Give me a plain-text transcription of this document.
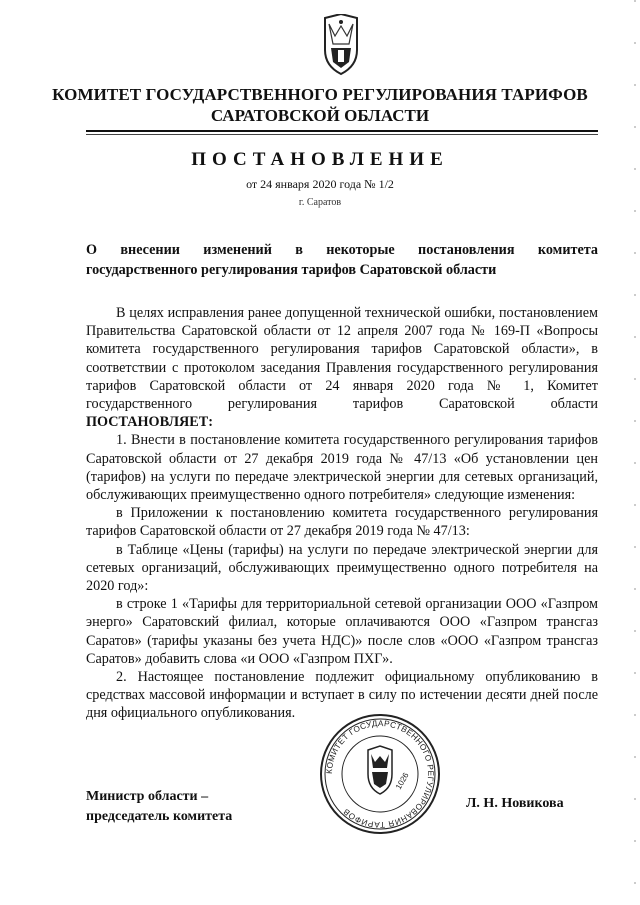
КОМИТЕТ ГОСУДАРСТВЕННОГО РЕГУЛИРОВАНИЯ ТАРИФОВ
САРАТОВСКОЙ ОБЛАСТИ
ПОСТАНОВЛЕНИЕ
от 24 января 2020 года № 1/2
г. Саратов
О внесении изменений в некоторые постановления комитета
государственного регулирования тарифов Саратовской области

В целях исправления ранее допущенной технической ошибки, постановлением Правительства Саратовской области от 12 апреля 2007 года № 169-П «Вопросы комитета государственного регулирования тарифов Саратовской области», в соответствии с протоколом заседания Правления государственного регулирования тарифов Саратовской области от 24 января 2020 года № 1, Комитет государственного регулирования тарифов Саратовской области ПОСТАНОВЛЯЕТ:

1. Внести в постановление комитета государственного регулирования тарифов Саратовской области от 27 декабря 2019 года № 47/13 «Об установлении цен (тарифов) на услуги по передаче электрической энергии для сетевых организаций, обслуживающих преимущественно одного потребителя» следующие изменения:

в Приложении к постановлению комитета государственного регулирования тарифов Саратовской области от 27 декабря 2019 года № 47/13:

в Таблице «Цены (тарифы) на услуги по передаче электрической энергии для сетевых организаций, обслуживающих преимущественно одного потребителя на 2020 год»:

в строке 1 «Тарифы для территориальной сетевой организации ООО «Газпром энерго» Саратовский филиал, которые оплачиваются ООО «Газпром трансгаз Саратов» (тарифы указаны без учета НДС)» после слов «ООО «Газпром трансгаз Саратов» добавить слова «и ООО «Газпром ПХГ».

2. Настоящее постановление подлежит официальному опубликованию в средствах массовой информации и вступает в силу по истечении десяти дней после дня официального опубликования.

КОМИТЕТ ГОСУДАРСТВЕННОГО РЕГУЛИРОВАНИЯ ТАРИФОВ
1026
Министр области –
председатель комитета
Л. Н. Новикова
